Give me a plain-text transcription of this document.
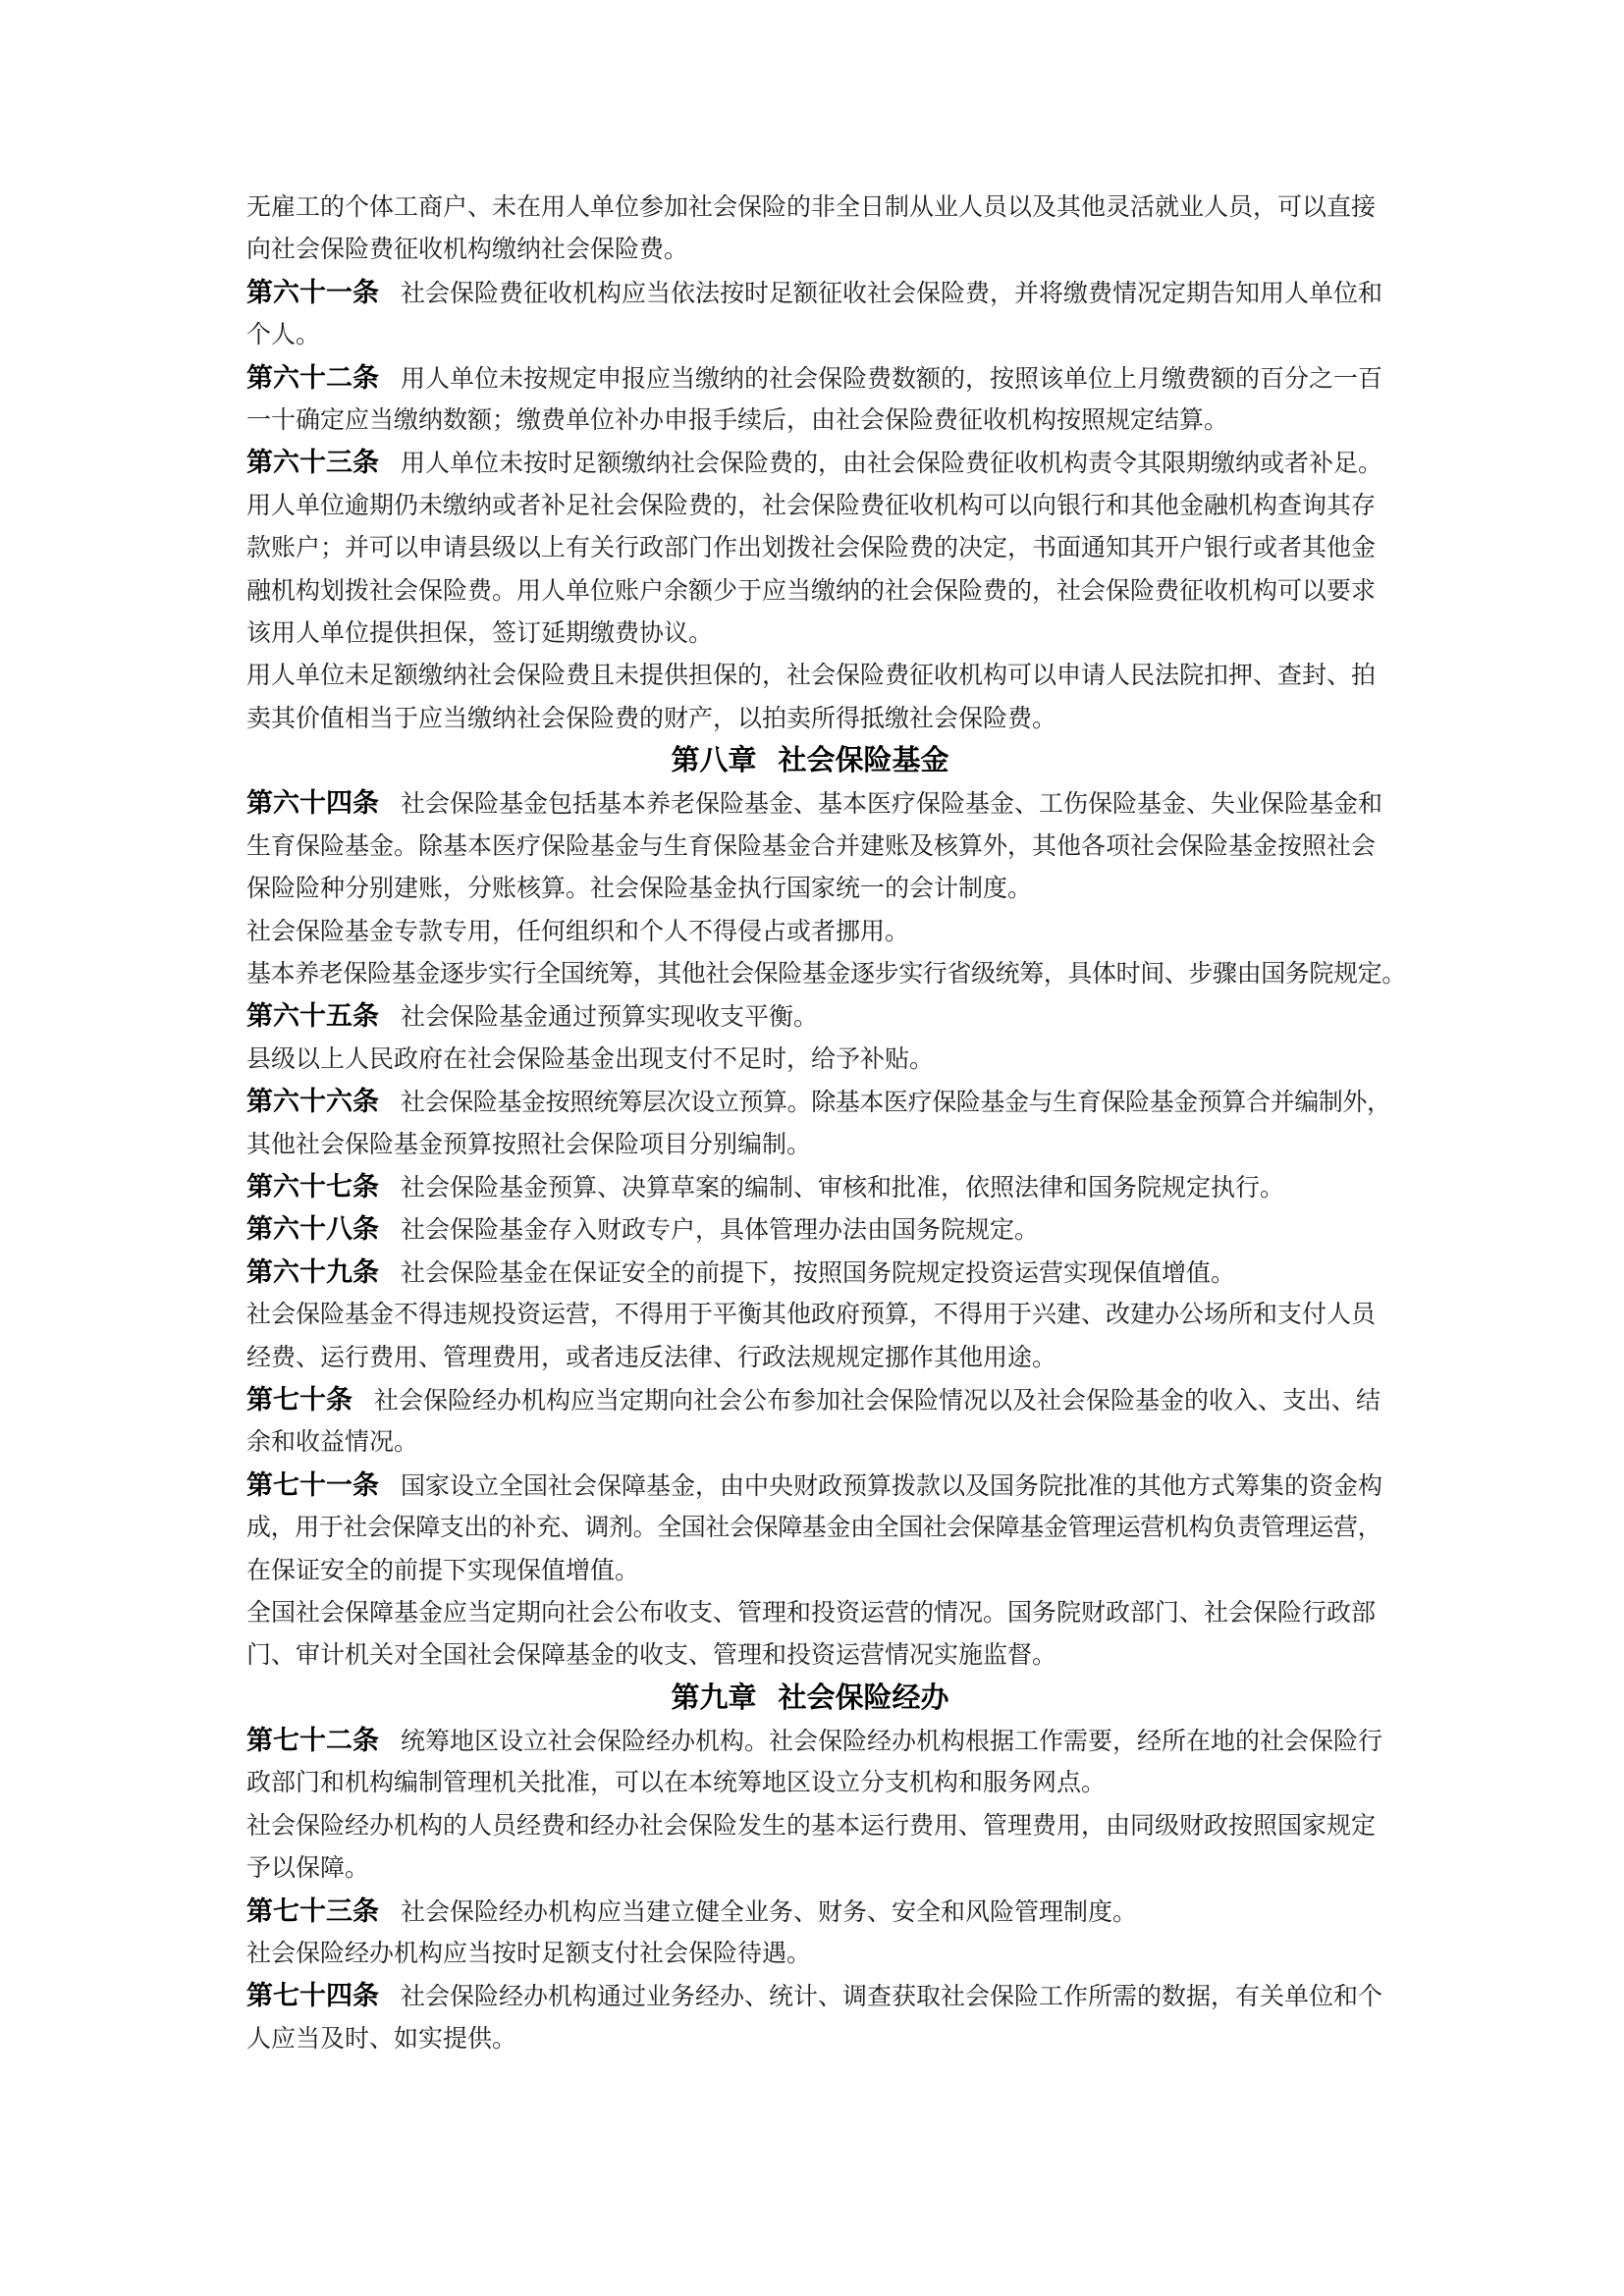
无雇工的个体工商户、未在用人单位参加社会保险的非全日制从业人员以及其他灵活就业人员，可以直接
向社会保险费征收机构缴纳社会保险费。
第六十一条 社会保险费征收机构应当依法按时足额征收社会保险费，并将缴费情况定期告知用人单位和
个人。
第六十二条 用人单位未按规定申报应当缴纳的社会保险费数额的，按照该单位上月缴费额的百分之一百
一十确定应当缴纳数额；缴费单位补办申报手续后，由社会保险费征收机构按照规定结算。
第六十三条 用人单位未按时足额缴纳社会保险费的，由社会保险费征收机构责令其限期缴纳或者补足。
用人单位逾期仍未缴纳或者补足社会保险费的，社会保险费征收机构可以向银行和其他金融机构查询其存
款账户；并可以申请县级以上有关行政部门作出划拨社会保险费的决定，书面通知其开户银行或者其他金
融机构划拨社会保险费。用人单位账户余额少于应当缴纳的社会保险费的，社会保险费征收机构可以要求
该用人单位提供担保，签订延期缴费协议。
用人单位未足额缴纳社会保险费且未提供担保的，社会保险费征收机构可以申请人民法院扣押、查封、拍
卖其价值相当于应当缴纳社会保险费的财产，以拍卖所得抵缴社会保险费。
第八章 社会保险基金
第六十四条 社会保险基金包括基本养老保险基金、基本医疗保险基金、工伤保险基金、失业保险基金和
生育保险基金。除基本医疗保险基金与生育保险基金合并建账及核算外，其他各项社会保险基金按照社会
保险险种分别建账，分账核算。社会保险基金执行国家统一的会计制度。
社会保险基金专款专用，任何组织和个人不得侵占或者挪用。
基本养老保险基金逐步实行全国统筹，其他社会保险基金逐步实行省级统筹，具体时间、步骤由国务院规定。
第六十五条 社会保险基金通过预算实现收支平衡。
县级以上人民政府在社会保险基金出现支付不足时，给予补贴。
第六十六条 社会保险基金按照统筹层次设立预算。除基本医疗保险基金与生育保险基金预算合并编制外，
其他社会保险基金预算按照社会保险项目分别编制。
第六十七条 社会保险基金预算、决算草案的编制、审核和批准，依照法律和国务院规定执行。
第六十八条 社会保险基金存入财政专户，具体管理办法由国务院规定。
第六十九条 社会保险基金在保证安全的前提下，按照国务院规定投资运营实现保值增值。
社会保险基金不得违规投资运营，不得用于平衡其他政府预算，不得用于兴建、改建办公场所和支付人员
经费、运行费用、管理费用，或者违反法律、行政法规规定挪作其他用途。
第七十条 社会保险经办机构应当定期向社会公布参加社会保险情况以及社会保险基金的收入、支出、结
余和收益情况。
第七十一条 国家设立全国社会保障基金，由中央财政预算拨款以及国务院批准的其他方式筹集的资金构
成，用于社会保障支出的补充、调剂。全国社会保障基金由全国社会保障基金管理运营机构负责管理运营，
在保证安全的前提下实现保值增值。
全国社会保障基金应当定期向社会公布收支、管理和投资运营的情况。国务院财政部门、社会保险行政部
门、审计机关对全国社会保障基金的收支、管理和投资运营情况实施监督。
第九章 社会保险经办
第七十二条 统筹地区设立社会保险经办机构。社会保险经办机构根据工作需要，经所在地的社会保险行
政部门和机构编制管理机关批准，可以在本统筹地区设立分支机构和服务网点。
社会保险经办机构的人员经费和经办社会保险发生的基本运行费用、管理费用，由同级财政按照国家规定
予以保障。
第七十三条 社会保险经办机构应当建立健全业务、财务、安全和风险管理制度。
社会保险经办机构应当按时足额支付社会保险待遇。
第七十四条 社会保险经办机构通过业务经办、统计、调查获取社会保险工作所需的数据，有关单位和个
人应当及时、如实提供。
